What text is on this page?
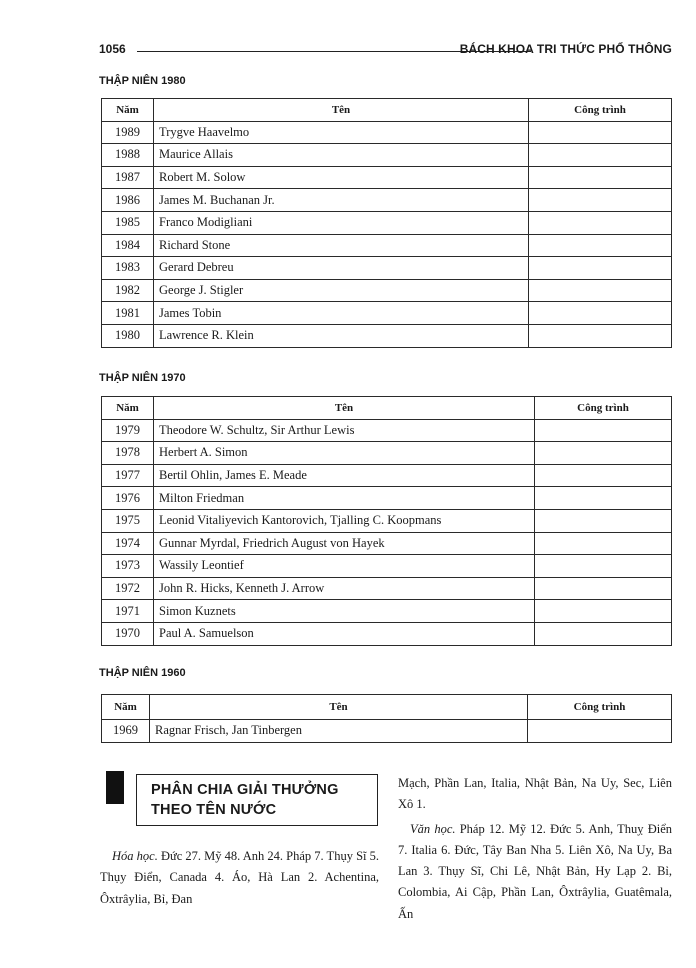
1056	BÁCH KHOA TRI THỨC PHỔ THÔNG
THẬP NIÊN 1980
Năm	Tên	Công trình
1989	Trygve Haavelmo	
1988	Maurice Allais	
1987	Robert M. Solow	
1986	James M. Buchanan Jr.	
1985	Franco Modigliani	
1984	Richard Stone	
1983	Gerard Debreu	
1982	George J. Stigler	
1981	James Tobin	
1980	Lawrence R. Klein	
THẬP NIÊN 1970
Năm	Tên	Công trình
1979	Theodore W. Schultz, Sir Arthur Lewis	
1978	Herbert A. Simon	
1977	Bertil Ohlin, James E. Meade	
1976	Milton Friedman	
1975	Leonid Vitaliyevich Kantorovich, Tjalling C. Koopmans	
1974	Gunnar Myrdal, Friedrich August von Hayek	
1973	Wassily Leontief	
1972	John R. Hicks, Kenneth J. Arrow	
1971	Simon Kuznets	
1970	Paul A. Samuelson	
THẬP NIÊN 1960
Năm	Tên	Công trình
1969	Ragnar Frisch, Jan Tinbergen	
PHÂN CHIA GIẢI THƯỞNG
THEO TÊN NƯỚC

Hóa học. Đức 27. Mỹ 48. Anh 24. Pháp 7. Thụy Sĩ 5. Thụy Điển, Canada 4. Áo, Hà Lan 2. Achentina, Ôxtrâylia, Bỉ, Đan

Mạch, Phần Lan, Italia, Nhật Bản, Na Uy, Sec, Liên Xô 1.

Văn học. Pháp 12. Mỹ 12. Đức 5. Anh, Thuỵ Điển 7. Italia 6. Đức, Tây Ban Nha 5. Liên Xô, Na Uy, Ba Lan 3. Thụy Sĩ, Chi Lê, Nhật Bản, Hy Lạp 2. Bỉ, Colombia, Ai Cập, Phần Lan, Ôxtrâylia, Guatêmala, Ấn
